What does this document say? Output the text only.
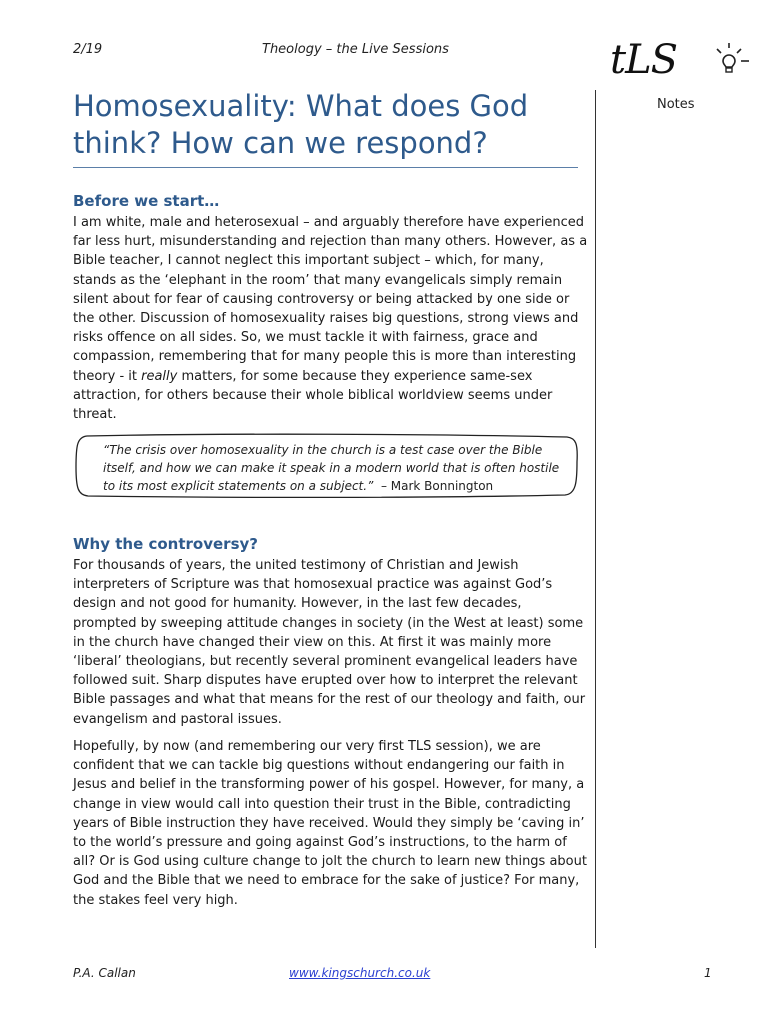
2/19	Theology – the Live Sessions	tLS
Notes
Homosexuality: What does God think? How can we respond?
Before we start…

I am white, male and heterosexual – and arguably therefore have experienced far less hurt, misunderstanding and rejection than many others. However, as a Bible teacher, I cannot neglect this important subject – which, for many, stands as the ‘elephant in the room’ that many evangelicals simply remain silent about for fear of causing controversy or being attacked by one side or the other. Discussion of homosexuality raises big questions, strong views and risks offence on all sides. So, we must tackle it with fairness, grace and compassion, remembering that for many people this is more than interesting theory - it really matters, for some because they experience same-sex attraction, for others because their whole biblical worldview seems under threat.

“The crisis over homosexuality in the church is a test case over the Bible itself, and how we can make it speak in a modern world that is often hostile to its most explicit statements on a subject.” – Mark Bonnington

Why the controversy?

For thousands of years, the united testimony of Christian and Jewish interpreters of Scripture was that homosexual practice was against God’s design and not good for humanity. However, in the last few decades, prompted by sweeping attitude changes in society (in the West at least) some in the church have changed their view on this. At first it was mainly more ‘liberal’ theologians, but recently several prominent evangelical leaders have followed suit. Sharp disputes have erupted over how to interpret the relevant Bible passages and what that means for the rest of our theology and faith, our evangelism and pastoral issues.

Hopefully, by now (and remembering our very first TLS session), we are confident that we can tackle big questions without endangering our faith in Jesus and belief in the transforming power of his gospel. However, for many, a change in view would call into question their trust in the Bible, contradicting years of Bible instruction they have received. Would they simply be ‘caving in’ to the world’s pressure and going against God’s instructions, to the harm of all? Or is God using culture change to jolt the church to learn new things about God and the Bible that we need to embrace for the sake of justice? For many, the stakes feel very high.

P.A. Callan	www.kingschurch.co.uk	1
